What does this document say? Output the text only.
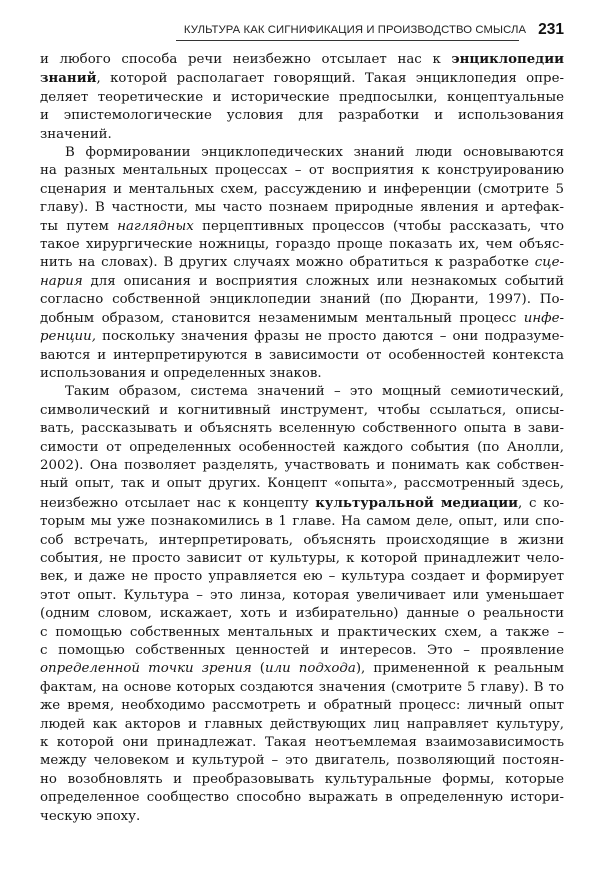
КУЛЬТУРА КАК СИГНИФИКАЦИЯ И ПРОИЗВОДСТВО СМЫСЛА 231

и любого способа речи неизбежно отсылает нас к энциклопедии
знаний, которой располагает говорящий. Такая энциклопедия опре-
деляет теоретические и исторические предпосылки, концептуальные
и эпистемологические условия для разработки и использования
значений.

В формировании энциклопедических знаний люди основываются
на разных ментальных процессах – от восприятия к конструированию
сценария и ментальных схем, рассуждению и инференции (смотрите 5
главу). В частности, мы часто познаем природные явления и артефак-
ты путем наглядных перцептивных процессов (чтобы рассказать, что
такое хирургические ножницы, гораздо проще показать их, чем объяс-
нить на словах). В других случаях можно обратиться к разработке сце-
нария для описания и восприятия сложных или незнакомых событий
согласно собственной энциклопедии знаний (по Дюранти, 1997). По-
добным образом, становится незаменимым ментальный процесс инфе-
ренции, поскольку значения фразы не просто даются – они подразуме-
ваются и интерпретируются в зависимости от особенностей контекста
использования и определенных знаков.

Таким образом, система значений – это мощный семиотический,
символический и когнитивный инструмент, чтобы ссылаться, описы-
вать, рассказывать и объяснять вселенную собственного опыта в зави-
симости от определенных особенностей каждого события (по Анолли,
2002). Она позволяет разделять, участвовать и понимать как собствен-
ный опыт, так и опыт других. Концепт «опыта», рассмотренный здесь,
неизбежно отсылает нас к концепту культуральной медиации, с ко-
торым мы уже познакомились в 1 главе. На самом деле, опыт, или спо-
соб встречать, интерпретировать, объяснять происходящие в жизни
события, не просто зависит от культуры, к которой принадлежит чело-
век, и даже не просто управляется ею – культура создает и формирует
этот опыт. Культура – это линза, которая увеличивает или уменьшает
(одним словом, искажает, хоть и избирательно) данные о реальности
с помощью собственных ментальных и практических схем, а также –
с помощью собственных ценностей и интересов. Это – проявление
определенной точки зрения (или подхода), примененной к реальным
фактам, на основе которых создаются значения (смотрите 5 главу). В то
же время, необходимо рассмотреть и обратный процесс: личный опыт
людей как акторов и главных действующих лиц направляет культуру,
к которой они принадлежат. Такая неотъемлемая взаимозависимость
между человеком и культурой – это двигатель, позволяющий постоян-
но возобновлять и преобразовывать культуральные формы, которые
определенное сообщество способно выражать в определенную истори-
ческую эпоху.
